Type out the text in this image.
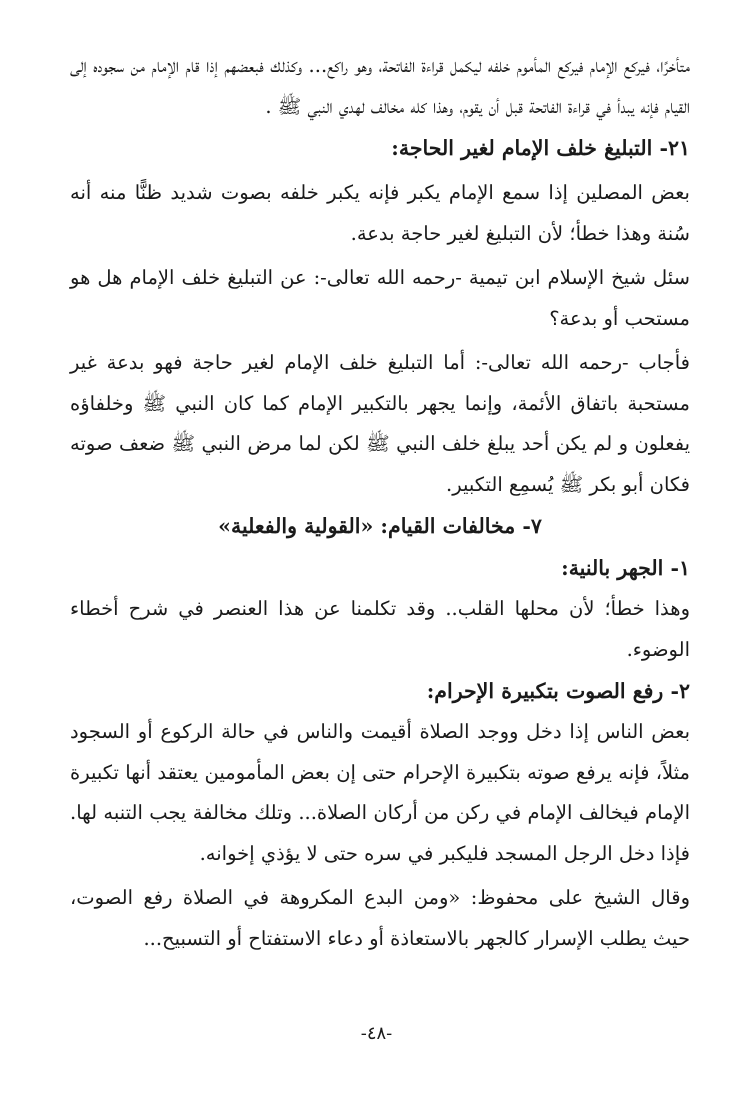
متأخرًا، فيركع الإمام فيركع المأموم خلفه ليكمل قراءة الفاتحة، وهو راكع... وكذلك فبعضهم إذا قام الإمام من سجوده إلى القيام فإنه يبدأ في قراءة الفاتحة قبل أن يقوم، وهذا كله مخالف لهدي النبي ﷺ .

٢١- التبليغ خلف الإمام لغير الحاجة:

بعض المصلين إذا سمع الإمام يكبر فإنه يكبر خلفه بصوت شديد ظنًّا منه أنه سُنة وهذا خطأ؛ لأن التبليغ لغير حاجة بدعة.

سئل شيخ الإسلام ابن تيمية -رحمه الله تعالى-: عن التبليغ خلف الإمام هل هو مستحب أو بدعة؟

فأجاب -رحمه الله تعالى-: أما التبليغ خلف الإمام لغير حاجة فهو بدعة غير مستحبة باتفاق الأئمة، وإنما يجهر بالتكبير الإمام كما كان النبي ﷺ وخلفاؤه يفعلون و لم يكن أحد يبلغ خلف النبي ﷺ لكن لما مرض النبي ﷺ ضعف صوته فكان أبو بكر ﷺ يُسمِع التكبير.

٧- مخالفات القيام: «القولية والفعلية»

١- الجهر بالنية:

وهذا خطأ؛ لأن محلها القلب.. وقد تكلمنا عن هذا العنصر في شرح أخطاء الوضوء.

٢- رفع الصوت بتكبيرة الإحرام:

بعض الناس إذا دخل ووجد الصلاة أقيمت والناس في حالة الركوع أو السجود مثلاً، فإنه يرفع صوته بتكبيرة الإحرام حتى إن بعض المأمومين يعتقد أنها تكبيرة الإمام فيخالف الإمام في ركن من أركان الصلاة... وتلك مخالفة يجب التنبه لها. فإذا دخل الرجل المسجد فليكبر في سره حتى لا يؤذي إخوانه.

وقال الشيخ على محفوظ: «ومن البدع المكروهة في الصلاة رفع الصوت، حيث يطلب الإسرار كالجهر بالاستعاذة أو دعاء الاستفتاح أو التسبيح...

-٤٨-
